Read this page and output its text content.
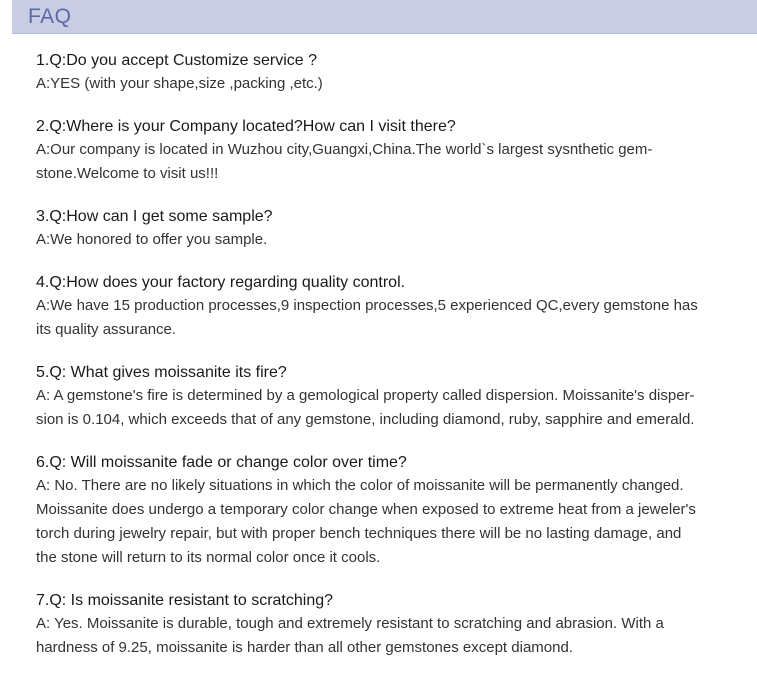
FAQ
1.Q:Do you accept Customize service ?
A:YES (with your shape,size ,packing ,etc.)
2.Q:Where is your Company located?How can I visit there?
A:Our company is located in Wuzhou city,Guangxi,China.The world`s largest sysnthetic gem-
stone.Welcome to visit us!!!
3.Q:How can I get some sample?
A:We honored to offer you sample.
4.Q:How does your factory regarding quality control.
A:We have 15 production processes,9 inspection processes,5 experienced QC,every gemstone has
its quality assurance.
5.Q: What gives moissanite its fire?
A: A gemstone's fire is determined by a gemological property called dispersion. Moissanite's disper-
sion is 0.104, which exceeds that of any gemstone, including diamond, ruby, sapphire and emerald.
6.Q: Will moissanite fade or change color over time?
A: No. There are no likely situations in which the color of moissanite will be permanently changed.
Moissanite does undergo a temporary color change when exposed to extreme heat from a jeweler's
torch during jewelry repair, but with proper bench techniques there will be no lasting damage, and
the stone will return to its normal color once it cools.
7.Q: Is moissanite resistant to scratching?
A: Yes. Moissanite is durable, tough and extremely resistant to scratching and abrasion. With a
hardness of 9.25, moissanite is harder than all other gemstones except diamond.
